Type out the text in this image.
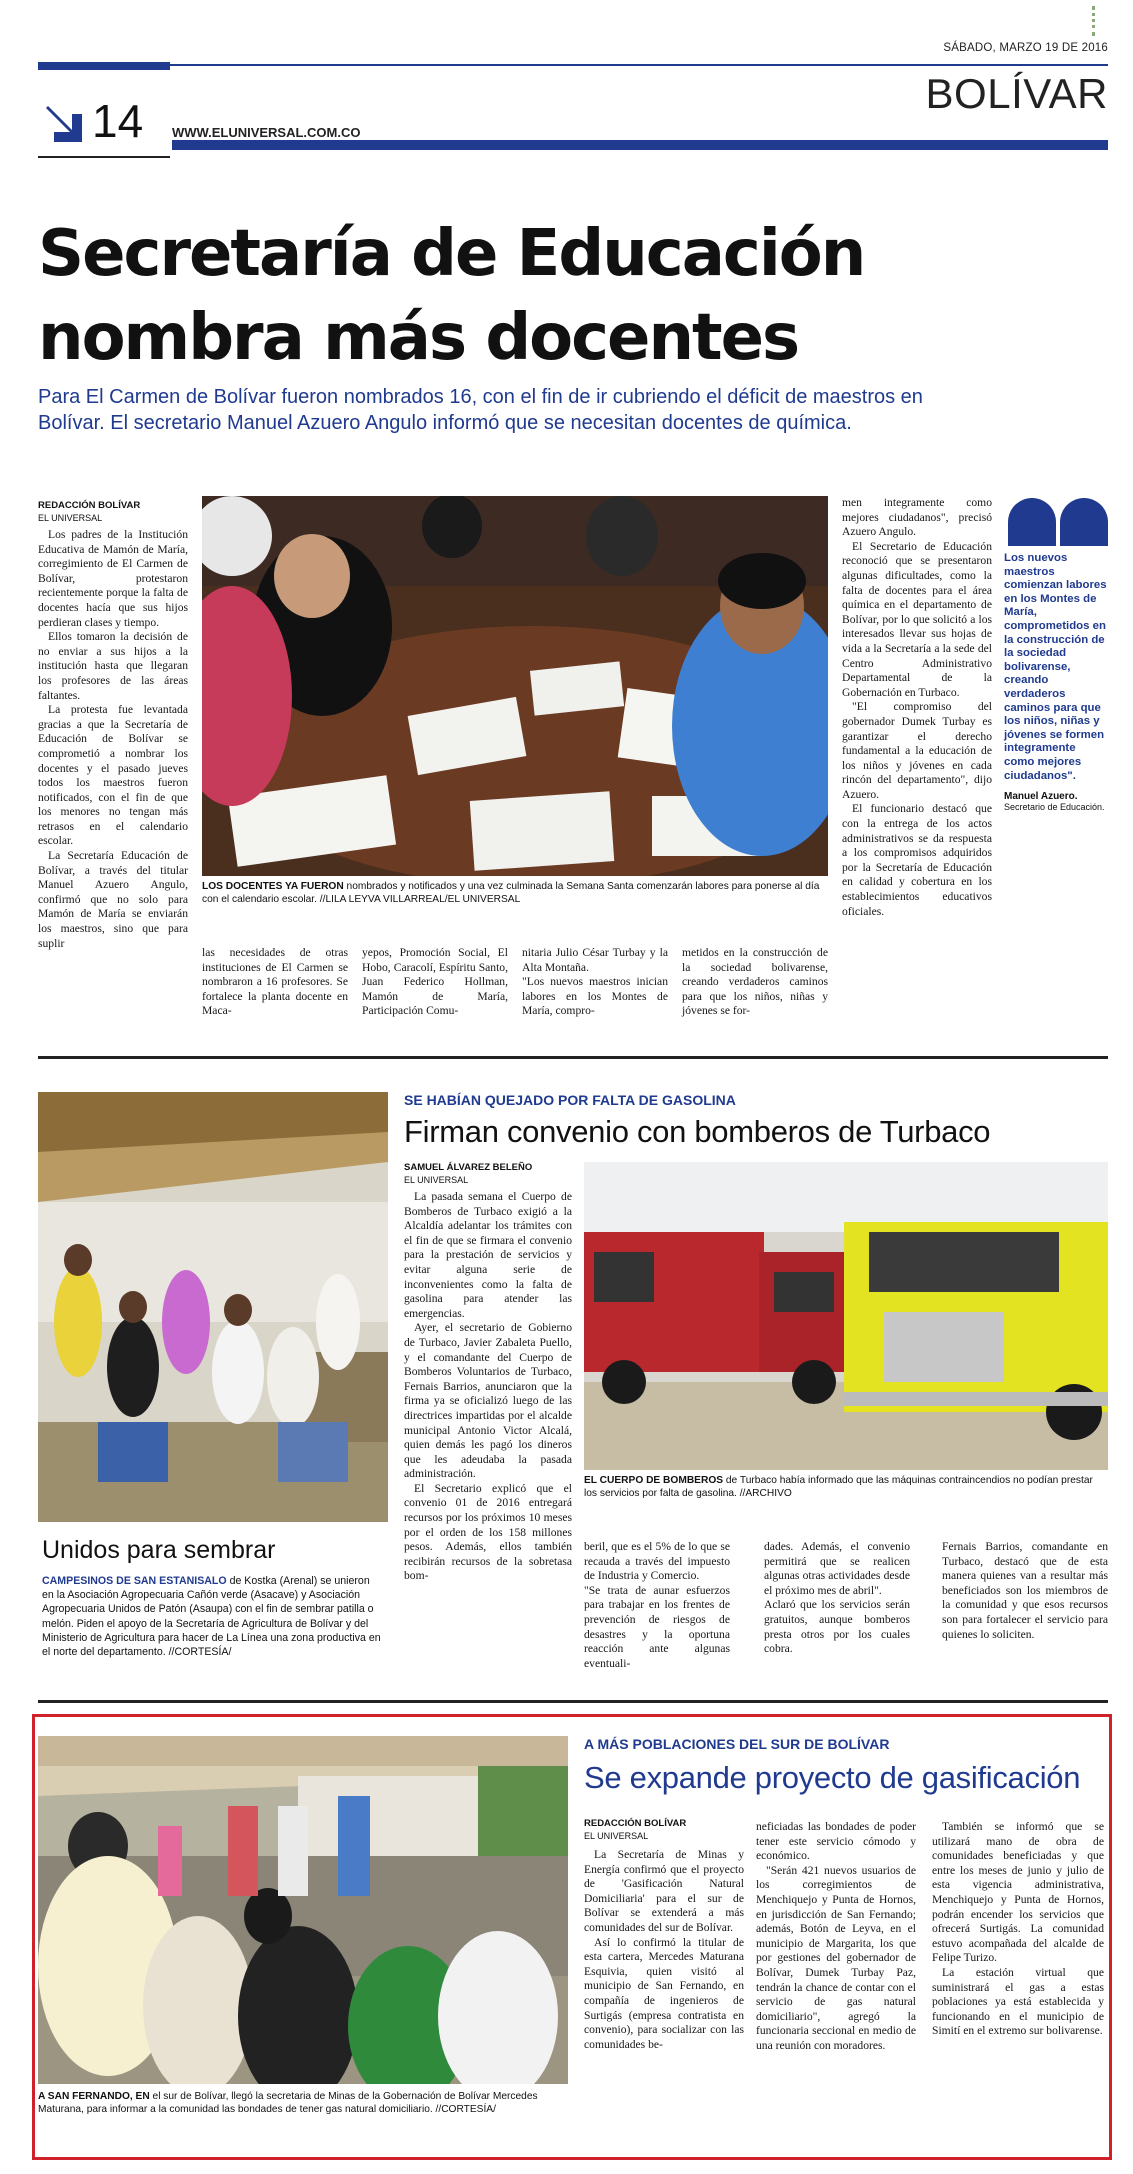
SÁBADO, MARZO 19 DE 2016
14 WWW.ELUNIVERSAL.COM.CO
BOLÍVAR
Secretaría de Educación
nombra más docentes
Para El Carmen de Bolívar fueron nombrados 16, con el fin de ir cubriendo el déficit de maestros en Bolívar. El secretario Manuel Azuero Angulo informó que se necesitan docentes de química.
REDACCIÓN BOLÍVAR
EL UNIVERSAL

Los padres de la Institución Educativa de Mamón de María, corregimiento de El Carmen de Bolívar, protestaron recientemente porque la falta de docentes hacía que sus hijos perdieran clases y tiempo.

Ellos tomaron la decisión de no enviar a sus hijos a la institución hasta que llegaran los profesores de las áreas faltantes.

La protesta fue levantada gracias a que la Secretaría de Educación de Bolívar se comprometió a nombrar los docentes y el pasado jueves todos los maestros fueron notificados, con el fin de que los menores no tengan más retrasos en el calendario escolar.

La Secretaría Educación de Bolívar, a través del titular Manuel Azuero Angulo, confirmó que no solo para Mamón de María se enviarán los maestros, sino que para suplir

LOS DOCENTES YA FUERON nombrados y notificados y una vez culminada la Semana Santa comenzarán labores para ponerse al día con el calendario escolar. //LILA LEYVA VILLARREAL/EL UNIVERSAL
las necesidades de otras instituciones de El Carmen se nombraron a 16 profesores. Se fortalece la planta docente en Maca-
yepos, Promoción Social, El Hobo, Caracolí, Espíritu Santo, Juan Federico Hollman, Mamón de María, Participación Comu-
nitaria Julio César Turbay y la Alta Montaña.
"Los nuevos maestros inician labores en los Montes de María, compro-
metidos en la construcción de la sociedad bolivarense, creando verdaderos caminos para que los niños, niñas y jóvenes se for-

men integramente como mejores ciudadanos", precisó Azuero Angulo.

El Secretario de Educación reconoció que se presentaron algunas dificultades, como la falta de docentes para el área química en el departamento de Bolívar, por lo que solicitó a los interesados llevar sus hojas de vida a la Secretaría a la sede del Centro Administrativo Departamental de la Gobernación en Turbaco.

"El compromiso del gobernador Dumek Turbay es garantizar el derecho fundamental a la educación de los niños y jóvenes en cada rincón del departamento", dijo Azuero.

El funcionario destacó que con la entrega de los actos administrativos se da respuesta a los compromisos adquiridos por la Secretaría de Educación en calidad y cobertura en los establecimientos educativos oficiales.

Los nuevos maestros comienzan labores en los Montes de María, comprometidos en la construcción de la sociedad bolivarense, creando verdaderos caminos para que los niños, niñas y jóvenes se formen integramente como mejores ciudadanos".
Manuel Azuero.
Secretario de Educación.
Unidos para sembrar
CAMPESINOS DE SAN ESTANISALO de Kostka (Arenal) se unieron en la Asociación Agropecuaria Cañón verde (Asacave) y Asociación Agropecuaria Unidos de Patón (Asaupa) con el fin de sembrar patilla o melón. Piden el apoyo de la Secretaría de Agricultura de Bolívar y del Ministerio de Agricultura para hacer de La Línea una zona productiva en el norte del departamento. //CORTESÍA/
SE HABÍAN QUEJADO POR FALTA DE GASOLINA
Firman convenio con bomberos de Turbaco
SAMUEL ÁLVAREZ BELEÑO
EL UNIVERSAL

La pasada semana el Cuerpo de Bomberos de Turbaco exigió a la Alcaldía adelantar los trámites con el fin de que se firmara el convenio para la prestación de servicios y evitar alguna serie de inconvenientes como la falta de gasolina para atender las emergencias.

Ayer, el secretario de Gobierno de Turbaco, Javier Zabaleta Puello, y el comandante del Cuerpo de Bomberos Voluntarios de Turbaco, Fernais Barrios, anunciaron que la firma ya se oficializó luego de las directrices impartidas por el alcalde municipal Antonio Victor Alcalá, quien demás les pagó los dineros que les adeudaba la pasada administración.

El Secretario explicó que el convenio 01 de 2016 entregará recursos por los próximos 10 meses por el orden de los 158 millones pesos. Además, ellos también recibirán recursos de la sobretasa bom-

EL CUERPO DE BOMBEROS de Turbaco había informado que las máquinas contraincendios no podían prestar los servicios por falta de gasolina. //ARCHIVO
beril, que es el 5% de lo que se recauda a través del impuesto de Industria y Comercio.
"Se trata de aunar esfuerzos para trabajar en los frentes de prevención de riesgos de desastres y la oportuna reacción ante algunas eventuali-
dades. Además, el convenio permitirá que se realicen algunas otras actividades desde el próximo mes de abril".
Aclaró que los servicios serán gratuitos, aunque bomberos presta otros por los cuales cobra.
Fernais Barrios, comandante en Turbaco, destacó que de esta manera quienes van a resultar más beneficiados son los miembros de la comunidad y que esos recursos son para fortalecer el servicio para quienes lo soliciten.
A SAN FERNANDO, EN el sur de Bolívar, llegó la secretaria de Minas de la Gobernación de Bolívar Mercedes Maturana, para informar a la comunidad las bondades de tener gas natural domiciliario. //CORTESÍA/
A MÁS POBLACIONES DEL SUR DE BOLÍVAR
Se expande proyecto de gasificación
REDACCIÓN BOLÍVAR
EL UNIVERSAL

La Secretaría de Minas y Energía confirmó que el proyecto de 'Gasificación Natural Domiciliaria' para el sur de Bolívar se extenderá a más comunidades del sur de Bolívar.

Así lo confirmó la titular de esta cartera, Mercedes Maturana Esquivia, quien visitó al municipio de San Fernando, en compañía de ingenieros de Surtigás (empresa contratista en convenio), para socializar con las comunidades be-

neficiadas las bondades de poder tener este servicio cómodo y económico.

"Serán 421 nuevos usuarios de los corregimientos de Menchiquejo y Punta de Hornos, en jurisdicción de San Fernando; además, Botón de Leyva, en el municipio de Margarita, los que por gestiones del gobernador de Bolívar, Dumek Turbay Paz, tendrán la chance de contar con el servicio de gas natural domiciliario", agregó la funcionaria seccional en medio de una reunión con moradores.

También se informó que se utilizará mano de obra de comunidades beneficiadas y que entre los meses de junio y julio de esta vigencia administrativa, Menchiquejo y Punta de Hornos, podrán encender los servicios que ofrecerá Surtigás. La comunidad estuvo acompañada del alcalde de Felipe Turizo.

La estación virtual que suministrará el gas a estas poblaciones ya está establecida y funcionando en el municipio de Simití en el extremo sur bolivarense.
